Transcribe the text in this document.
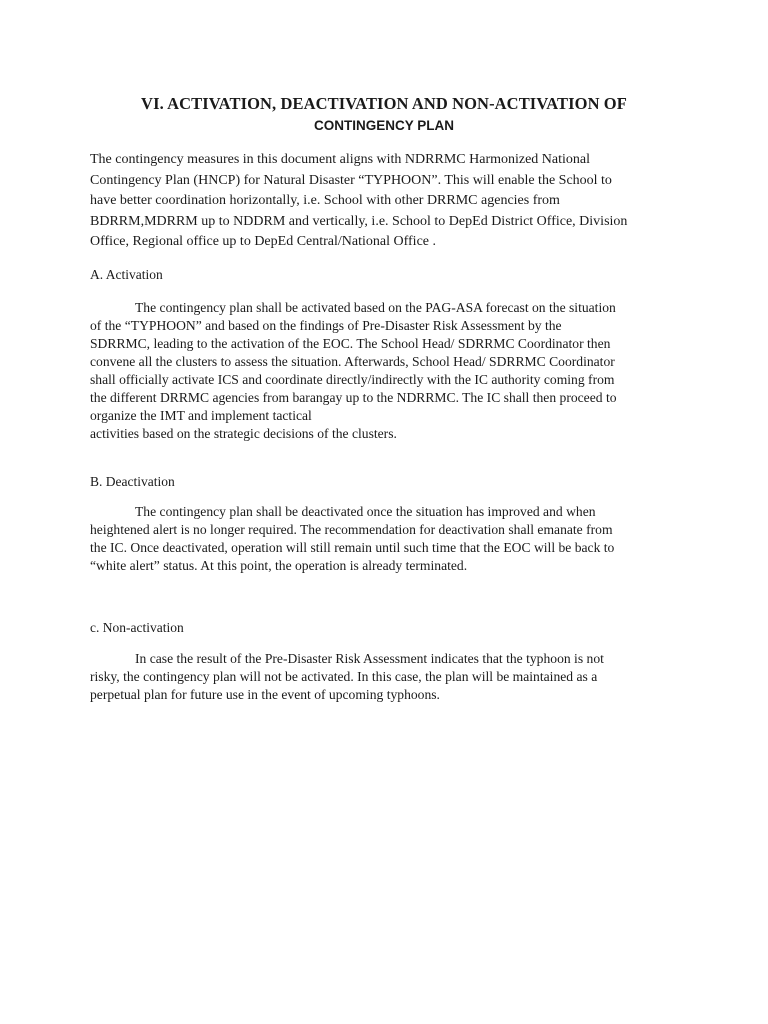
VI. ACTIVATION, DEACTIVATION AND NON-ACTIVATION OF
CONTINGENCY PLAN
The contingency measures in this document aligns with NDRRMC Harmonized National
Contingency Plan (HNCP) for Natural Disaster “TYPHOON”. This will enable the School to
have better coordination horizontally, i.e. School with other DRRMC agencies from
BDRRM,MDRRM up to NDDRM and vertically, i.e. School to DepEd District Office, Division
Office, Regional office up to DepEd Central/National Office .
A. Activation
The contingency plan shall be activated based on the PAG-ASA forecast on the situation
of the “TYPHOON” and based on the findings of Pre-Disaster Risk Assessment by the
SDRRMC, leading to the activation of the EOC. The School Head/ SDRRMC Coordinator then
convene all the clusters to assess the situation. Afterwards, School Head/ SDRRMC Coordinator
shall officially activate ICS and coordinate directly/indirectly with the IC authority coming from
the different DRRMC agencies from barangay up to the NDRRMC. The IC shall then proceed to
organize the IMT and implement tactical
activities based on the strategic decisions of the clusters.
B. Deactivation
The contingency plan shall be deactivated once the situation has improved and when
heightened alert is no longer required. The recommendation for deactivation shall emanate from
the IC. Once deactivated, operation will still remain until such time that the EOC will be back to
“white alert” status. At this point, the operation is already terminated.
c. Non-activation
In case the result of the Pre-Disaster Risk Assessment indicates that the typhoon is not
risky, the contingency plan will not be activated. In this case, the plan will be maintained as a
perpetual plan for future use in the event of upcoming typhoons.
